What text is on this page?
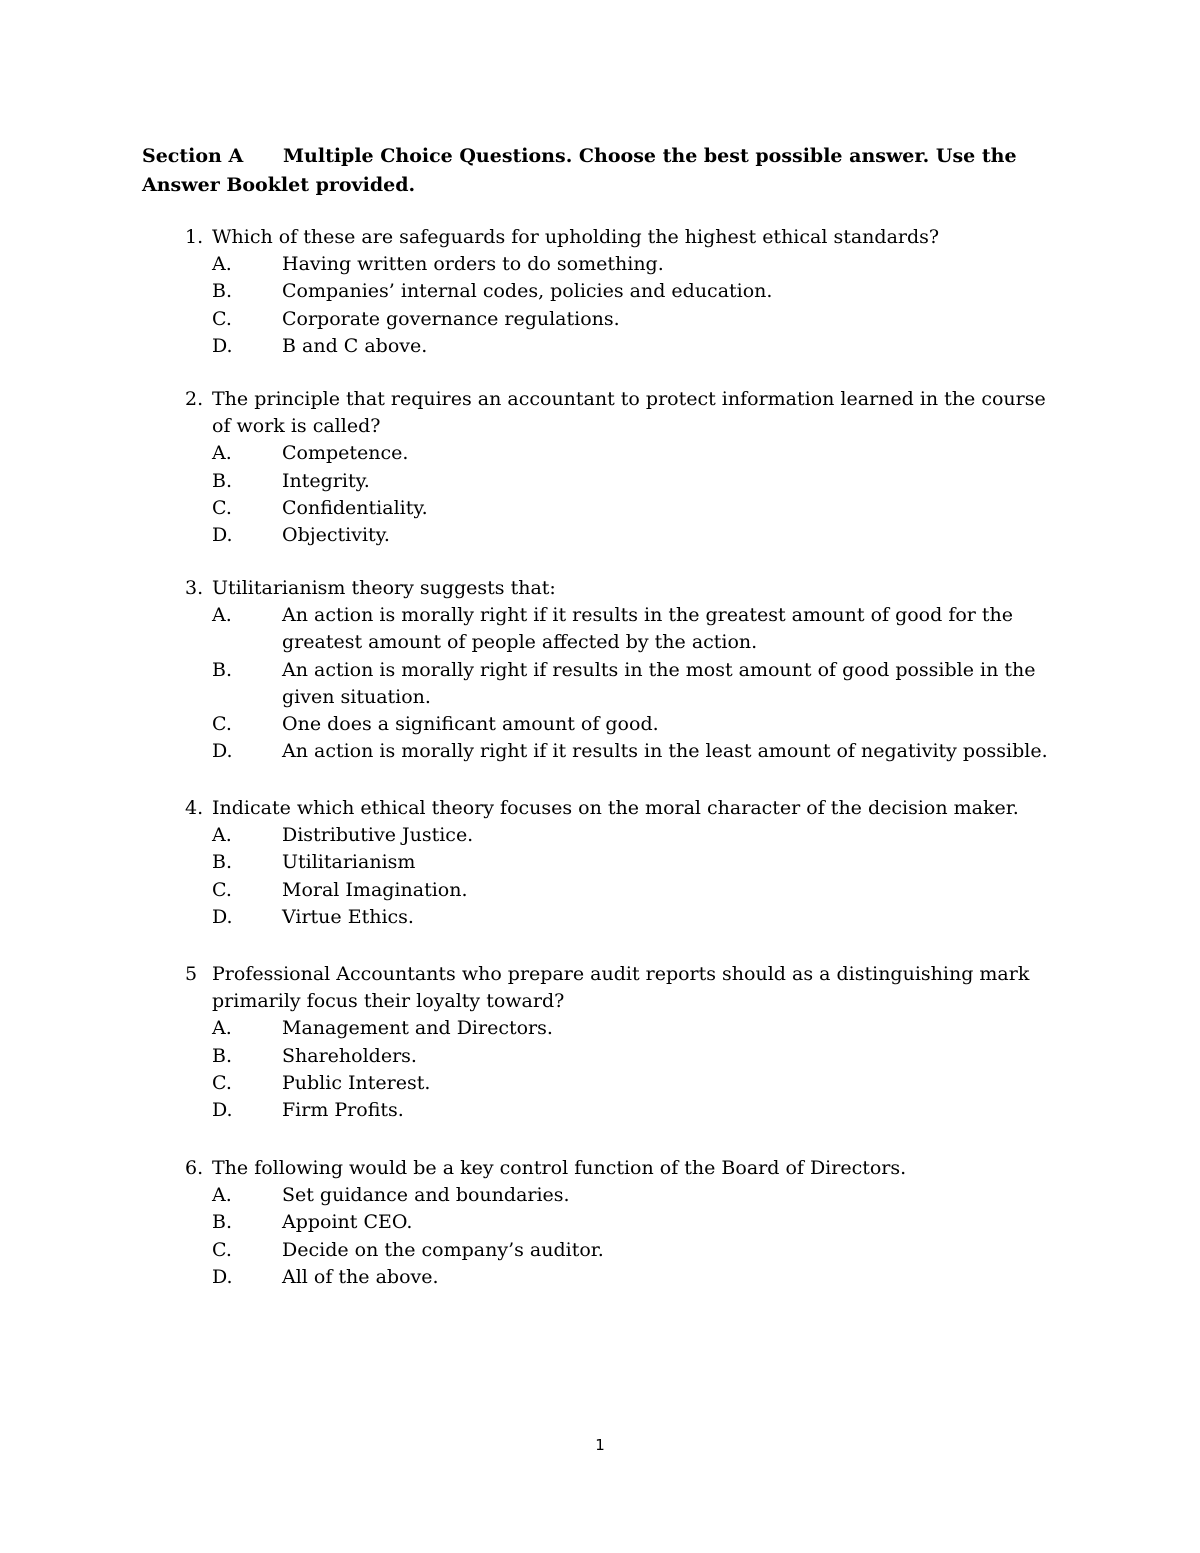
Section A Multiple Choice Questions. Choose the best possible answer. Use the Answer Booklet provided.
1. Which of these are safeguards for upholding the highest ethical standards?
A.	Having written orders to do something.
B.	Companies’ internal codes, policies and education.
C.	Corporate governance regulations.
D.	B and C above.
2. The principle that requires an accountant to protect information learned in the course of work is called?
A.	Competence.
B.	Integrity.
C.	Confidentiality.
D.	Objectivity.
3. Utilitarianism theory suggests that:
A.	An action is morally right if it results in the greatest amount of good for the greatest amount of people affected by the action.
B.	An action is morally right if results in the most amount of good possible in the given situation.
C.	One does a significant amount of good.
D.	An action is morally right if it results in the least amount of negativity possible.
4. Indicate which ethical theory focuses on the moral character of the decision maker.
A.	Distributive Justice.
B.	Utilitarianism
C.	Moral Imagination.
D.	Virtue Ethics.
5 Professional Accountants who prepare audit reports should as a distinguishing mark primarily focus their loyalty toward?
A.	Management and Directors.
B.	Shareholders.
C.	Public Interest.
D.	Firm Profits.
6. The following would be a key control function of the Board of Directors.
A.	Set guidance and boundaries.
B.	Appoint CEO.
C.	Decide on the company’s auditor.
D.	All of the above.
1
